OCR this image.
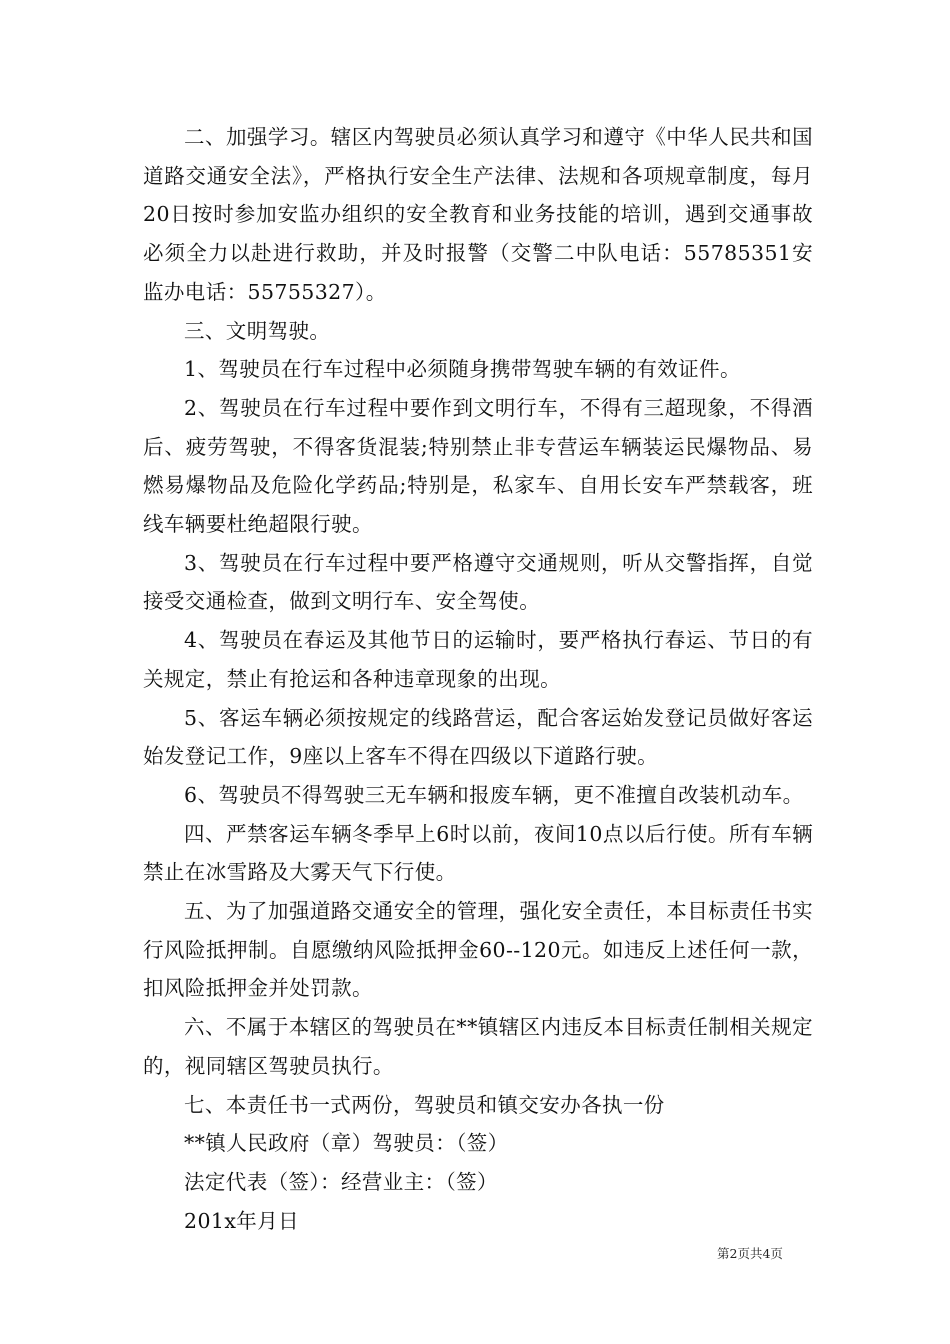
二、加强学习。辖区内驾驶员必须认真学习和遵守《中华人民共和国道路交通安全法》，严格执行安全生产法律、法规和各项规章制度，每月20日按时参加安监办组织的安全教育和业务技能的培训，遇到交通事故必须全力以赴进行救助，并及时报警（交警二中队电话：55785351安监办电话：55755327）。

三、文明驾驶。

1、驾驶员在行车过程中必须随身携带驾驶车辆的有效证件。

2、驾驶员在行车过程中要作到文明行车，不得有三超现象，不得酒后、疲劳驾驶，不得客货混装;特别禁止非专营运车辆装运民爆物品、易燃易爆物品及危险化学药品;特别是，私家车、自用长安车严禁载客，班线车辆要杜绝超限行驶。

3、驾驶员在行车过程中要严格遵守交通规则，听从交警指挥，自觉接受交通检查，做到文明行车、安全驾使。

4、驾驶员在春运及其他节日的运输时，要严格执行春运、节日的有关规定，禁止有抢运和各种违章现象的出现。

5、客运车辆必须按规定的线路营运，配合客运始发登记员做好客运始发登记工作，9座以上客车不得在四级以下道路行驶。

6、驾驶员不得驾驶三无车辆和报废车辆，更不准擅自改装机动车。

四、严禁客运车辆冬季早上6时以前，夜间10点以后行使。所有车辆禁止在冰雪路及大雾天气下行使。

五、为了加强道路交通安全的管理，强化安全责任，本目标责任书实行风险抵押制。自愿缴纳风险抵押金60--120元。如违反上述任何一款，扣风险抵押金并处罚款。

六、不属于本辖区的驾驶员在**镇辖区内违反本目标责任制相关规定的，视同辖区驾驶员执行。

七、本责任书一式两份，驾驶员和镇交安办各执一份

**镇人民政府（章）驾驶员：（签）

法定代表（签）：经营业主：（签）

201x年月日

第2页共4页
